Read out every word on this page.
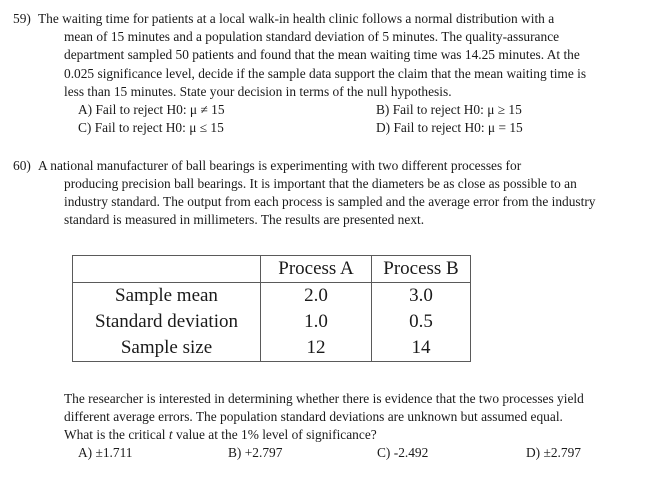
59) The waiting time for patients at a local walk-in health clinic follows a normal distribution with a
mean of 15 minutes and a population standard deviation of 5 minutes. The quality-assurance
department sampled 50 patients and found that the mean waiting time was 14.25 minutes. At the
0.025 significance level, decide if the sample data support the claim that the mean waiting time is
less than 15 minutes. State your decision in terms of the null hypothesis.
A) Fail to reject H0: μ ≠ 15	B) Fail to reject H0: μ ≥ 15
C) Fail to reject H0: μ ≤ 15	D) Fail to reject H0: μ = 15
60) A national manufacturer of ball bearings is experimenting with two different processes for
producing precision ball bearings. It is important that the diameters be as close as possible to an
industry standard. The output from each process is sampled and the average error from the industry
standard is measured in millimeters. The results are presented next.
	Process A	Process B
Sample mean	2.0	3.0
Standard deviation	1.0	0.5
Sample size	12	14
The researcher is interested in determining whether there is evidence that the two processes yield
different average errors. The population standard deviations are unknown but assumed equal.
What is the critical t value at the 1% level of significance?
A) ±1.711	B) +2.797	C) -2.492	D) ±2.797
